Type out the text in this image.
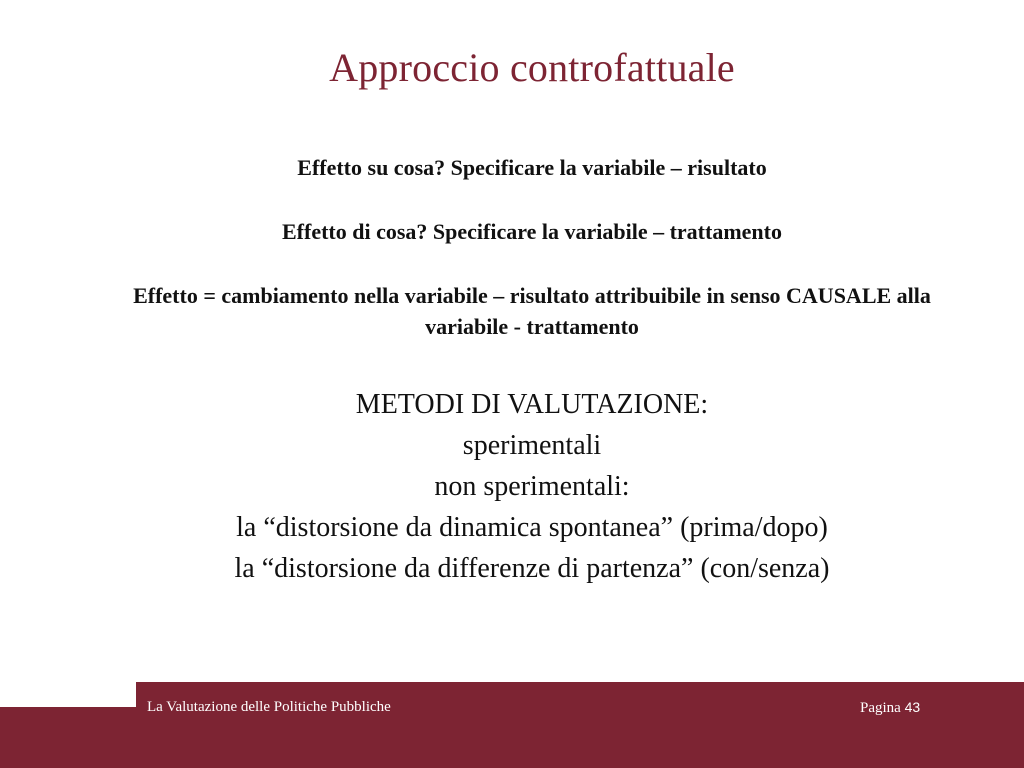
Approccio controfattuale

Effetto su cosa? Specificare la variabile – risultato

Effetto di cosa? Specificare la variabile – trattamento

Effetto = cambiamento nella variabile – risultato attribuibile in senso CAUSALE alla variabile - trattamento

METODI DI VALUTAZIONE:
sperimentali
non sperimentali:
la “distorsione da dinamica spontanea” (prima/dopo)
la “distorsione da differenze di partenza” (con/senza)
La Valutazione delle Politiche Pubbliche	Pagina 43
